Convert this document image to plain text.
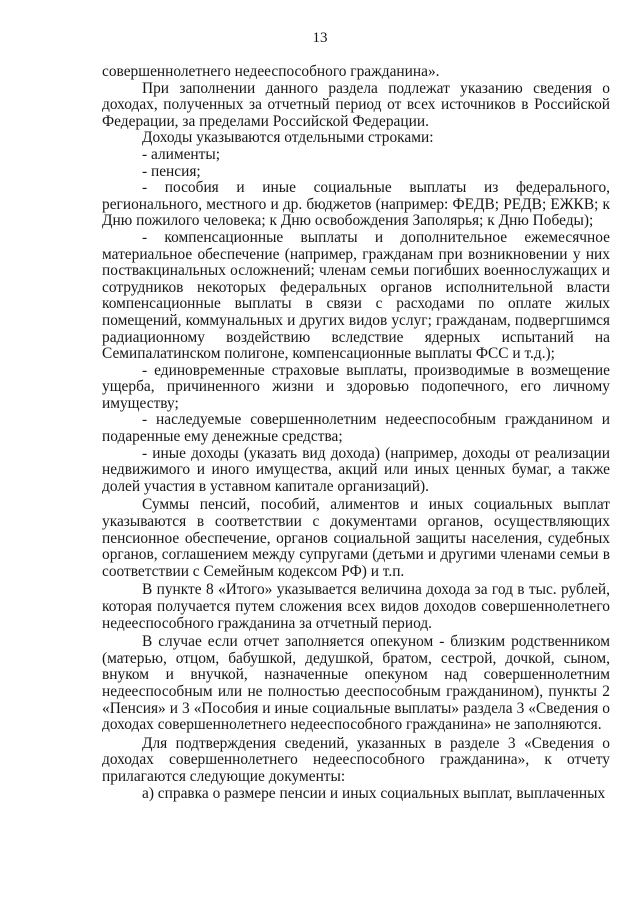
13

совершеннолетнего недееспособного гражданина».

При заполнении данного раздела подлежат указанию сведения о доходах, полученных за отчетный период от всех источников в Российской Федерации, за пределами Российской Федерации.

Доходы указываются отдельными строками:

- алименты;

- пенсия;

- пособия и иные социальные выплаты из федерального, регионального, местного и др. бюджетов (например: ФЕДВ; РЕДВ; ЕЖКВ; к Дню пожилого человека; к Дню освобождения Заполярья; к Дню Победы);

- компенсационные выплаты и дополнительное ежемесячное материальное обеспечение (например, гражданам при возникновении у них поствакцинальных осложнений; членам семьи погибших военнослужащих и сотрудников некоторых федеральных органов исполнительной власти компенсационные выплаты в связи с расходами по оплате жилых помещений, коммунальных и других видов услуг; гражданам, подвергшимся радиационному воздействию вследствие ядерных испытаний на Семипалатинском полигоне, компенсационные выплаты ФСС и т.д.);

- единовременные страховые выплаты, производимые в возмещение ущерба, причиненного жизни и здоровью подопечного, его личному имуществу;

- наследуемые совершеннолетним недееспособным гражданином и подаренные ему денежные средства;

- иные доходы (указать вид дохода) (например, доходы от реализации недвижимого и иного имущества, акций или иных ценных бумаг, а также долей участия в уставном капитале организаций).

Суммы пенсий, пособий, алиментов и иных социальных выплат указываются в соответствии с документами органов, осуществляющих пенсионное обеспечение, органов социальной защиты населения, судебных органов, соглашением между супругами (детьми и другими членами семьи в соответствии с Семейным кодексом РФ) и т.п.

В пункте 8 «Итого» указывается величина дохода за год в тыс. рублей, которая получается путем сложения всех видов доходов совершеннолетнего недееспособного гражданина за отчетный период.

В случае если отчет заполняется опекуном - близким родственником (матерью, отцом, бабушкой, дедушкой, братом, сестрой, дочкой, сыном, внуком и внучкой, назначенные опекуном над совершеннолетним недееспособным или не полностью дееспособным гражданином), пункты 2 «Пенсия» и 3 «Пособия и иные социальные выплаты» раздела 3 «Сведения о доходах совершеннолетнего недееспособного гражданина» не заполняются.

Для подтверждения сведений, указанных в разделе 3 «Сведения о доходах совершеннолетнего недееспособного гражданина», к отчету прилагаются следующие документы:

а) справка о размере пенсии и иных социальных выплат, выплаченных
